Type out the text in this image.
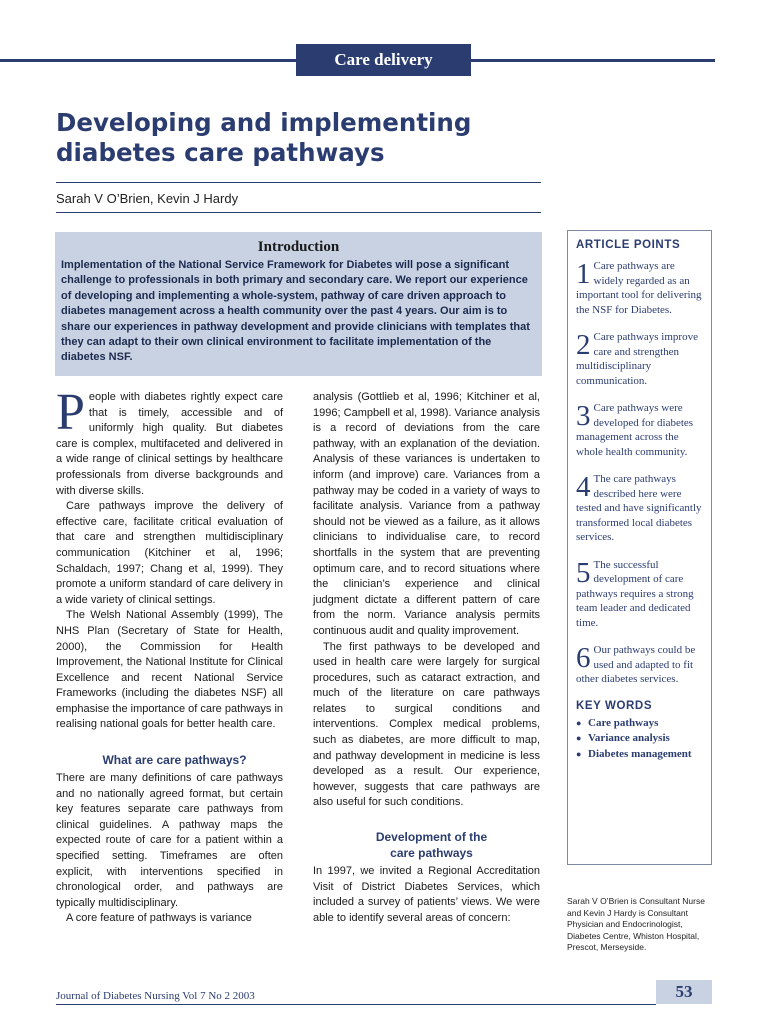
Care delivery
Developing and implementing diabetes care pathways
Sarah V O’Brien, Kevin J Hardy
Introduction

Implementation of the National Service Framework for Diabetes will pose a significant challenge to professionals in both primary and secondary care. We report our experience of developing and implementing a whole-system, pathway of care driven approach to diabetes management across a health community over the past 4 years. Our aim is to share our experiences in pathway development and provide clinicians with templates that they can adapt to their own clinical environment to facilitate implementation of the diabetes NSF.

People with diabetes rightly expect care that is timely, accessible and of uniformly high quality. But diabetes care is complex, multifaceted and delivered in a wide range of clinical settings by healthcare professionals from diverse backgrounds and with diverse skills.

Care pathways improve the delivery of effective care, facilitate critical evaluation of that care and strengthen multidisciplinary communication (Kitchiner et al, 1996; Schaldach, 1997; Chang et al, 1999). They promote a uniform standard of care delivery in a wide variety of clinical settings.

The Welsh National Assembly (1999), The NHS Plan (Secretary of State for Health, 2000), the Commission for Health Improvement, the National Institute for Clinical Excellence and recent National Service Frameworks (including the diabetes NSF) all emphasise the importance of care pathways in realising national goals for better health care.

What are care pathways?

There are many definitions of care pathways and no nationally agreed format, but certain key features separate care pathways from clinical guidelines. A pathway maps the expected route of care for a patient within a specified setting. Timeframes are often explicit, with interventions specified in chronological order, and pathways are typically multidisciplinary.

A core feature of pathways is variance

analysis (Gottlieb et al, 1996; Kitchiner et al, 1996; Campbell et al, 1998). Variance analysis is a record of deviations from the care pathway, with an explanation of the deviation. Analysis of these variances is undertaken to inform (and improve) care. Variances from a pathway may be coded in a variety of ways to facilitate analysis. Variance from a pathway should not be viewed as a failure, as it allows clinicians to individualise care, to record shortfalls in the system that are preventing optimum care, and to record situations where the clinician’s experience and clinical judgment dictate a different pattern of care from the norm. Variance analysis permits continuous audit and quality improvement.

The first pathways to be developed and used in health care were largely for surgical procedures, such as cataract extraction, and much of the literature on care pathways relates to surgical conditions and interventions. Complex medical problems, such as diabetes, are more difficult to map, and pathway development in medicine is less developed as a result. Our experience, however, suggests that care pathways are also useful for such conditions.

Development of the

care pathways

In 1997, we invited a Regional Accreditation Visit of District Diabetes Services, which included a survey of patients’ views. We were able to identify several areas of concern:

ARTICLE POINTS
1 Care pathways are widely regarded as an important tool for delivering the NSF for Diabetes.
2 Care pathways improve care and strengthen multidisciplinary communication.
3 Care pathways were developed for diabetes management across the whole health community.
4 The care pathways described here were tested and have significantly transformed local diabetes services.
5 The successful development of care pathways requires a strong team leader and dedicated time.
6 Our pathways could be used and adapted to fit other diabetes services.
KEY WORDS
● Care pathways
● Variance analysis
● Diabetes management
Sarah V O’Brien is Consultant Nurse and Kevin J Hardy is Consultant Physician and Endocrinologist, Diabetes Centre, Whiston Hospital, Prescot, Merseyside.
Journal of Diabetes Nursing Vol 7 No 2 2003	53
